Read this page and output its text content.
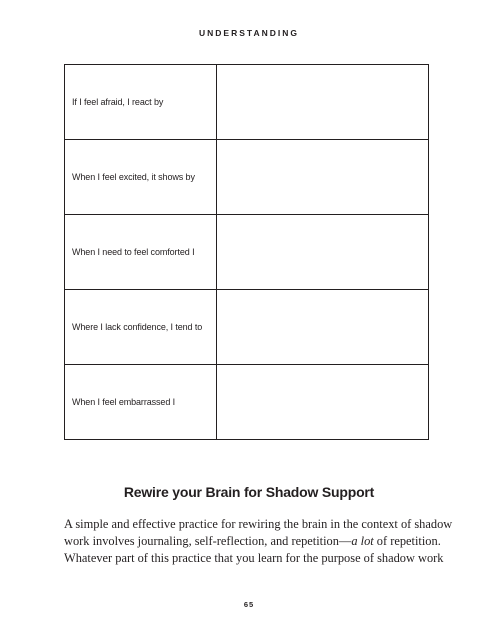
UNDERSTANDING
If I feel afraid, I react by	
When I feel excited, it shows by	
When I need to feel comforted I	
Where I lack confidence, I tend to	
When I feel embarrassed I	
Rewire your Brain for Shadow Support

A simple and effective practice for rewiring the brain in the context of shadow
work involves journaling, self-reflection, and repetition—a lot of repetition.
Whatever part of this practice that you learn for the purpose of shadow work

65
